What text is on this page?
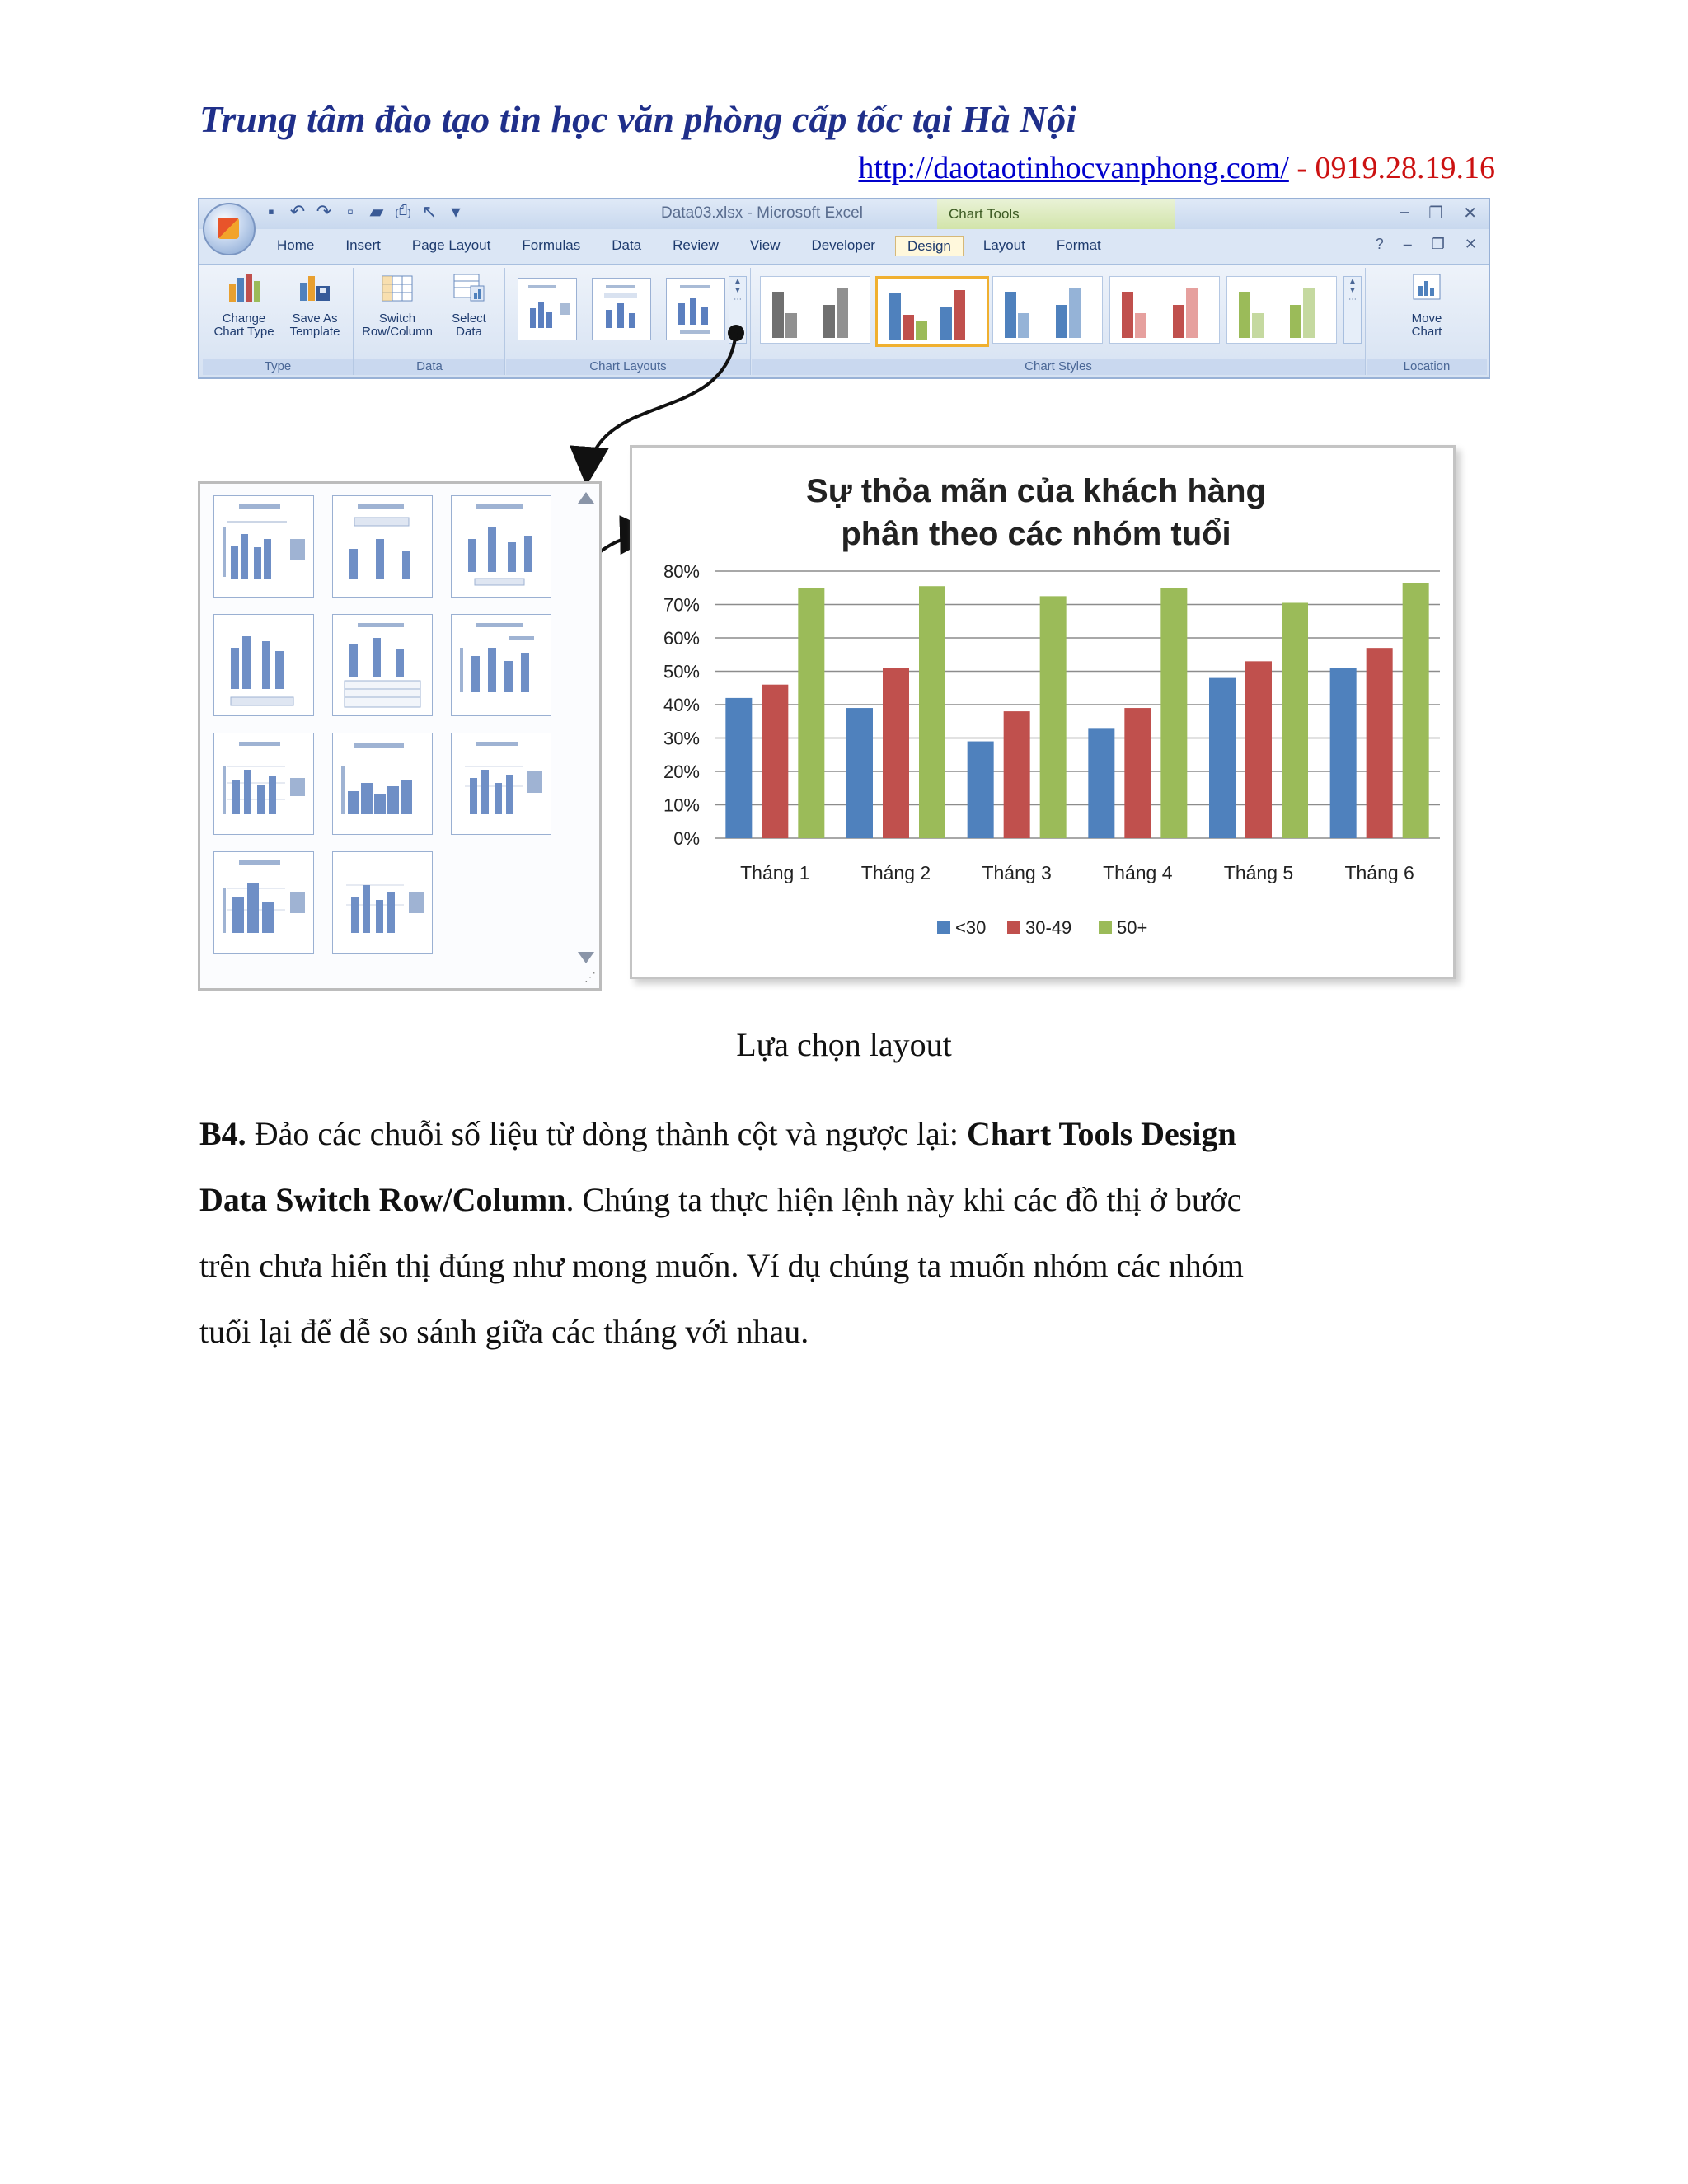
Trung tâm đào tạo tin học văn phòng cấp tốc tại Hà Nội
http://daotaotinhocvanphong.com/ - 0919.28.19.16
▪ ↶ ↷ ▫ ▰ ⎙ ↖ ▾	Data03.xlsx - Microsoft Excel	Chart Tools	– ❐ ✕
Home	Insert	Page Layout	Formulas	Data	Review	View	Developer	Design	Layout	Format	? – ❐ ✕
Change
Chart Type
Save As
Template
Type
Switch
Row/Column
Select
Data
Data
▲
▼
⋯
Chart Layouts
▲
▼
⋯
Chart Styles
Move
Chart
Location
⋰
Sự thỏa mãn của khách hàng
phân theo các nhóm tuổi
0%
10%
20%
30%
40%
50%
60%
70%
80%
Tháng 1	Tháng 2	Tháng 3	Tháng 4	Tháng 5	Tháng 6
<30 30-49 50+
Lựa chọn layout
B4. Đảo các chuỗi số liệu từ dòng thành cột và ngược lại: Chart Tools Design
Data Switch Row/Column. Chúng ta thực hiện lệnh này khi các đồ thị ở bước
trên chưa hiển thị đúng như mong muốn. Ví dụ chúng ta muốn nhóm các nhóm
tuổi lại để dễ so sánh giữa các tháng với nhau.
